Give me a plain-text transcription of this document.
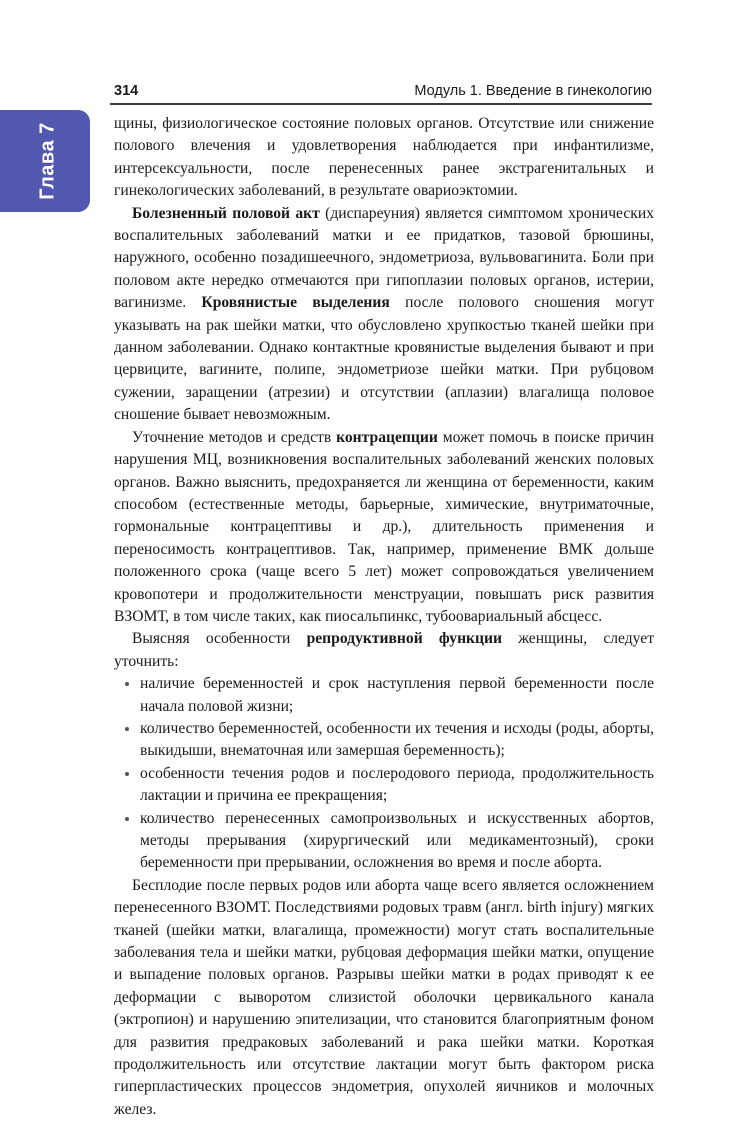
314	Модуль 1. Введение в гинекологию
Глава 7	щины, физиологическое состояние половых органов. Отсутствие или снижение полового влечения и удовлетворения наблюдается при инфантилизме, интерсексуальности, после перенесенных ранее экстрагенитальных и гинекологических заболеваний, в результате овариоэктомии.

Болезненный половой акт (диспареуния) является симптомом хронических воспалительных заболеваний матки и ее придатков, тазовой брюшины, наружного, особенно позадишеечного, эндометриоза, вульвовагинита. Боли при половом акте нередко отмечаются при гипоплазии половых органов, истерии, вагинизме. Кровянистые выделения после полового сношения могут указывать на рак шейки матки, что обусловлено хрупкостью тканей шейки при данном заболевании. Однако контактные кровянистые выделения бывают и при цервиците, вагините, полипе, эндометриозе шейки матки. При рубцовом сужении, заращении (атрезии) и отсутствии (аплазии) влагалища половое сношение бывает невозможным.

Уточнение методов и средств контрацепции может помочь в поиске причин нарушения МЦ, возникновения воспалительных заболеваний женских половых органов. Важно выяснить, предохраняется ли женщина от беременности, каким способом (естественные методы, барьерные, химические, внутриматочные, гормональные контрацептивы и др.), длительность применения и переносимость контрацептивов. Так, например, применение ВМК дольше положенного срока (чаще всего 5 лет) может сопровождаться увеличением кровопотери и продолжительности менструации, повышать риск развития ВЗОМТ, в том числе таких, как пиосальпинкс, тубоовариальный абсцесс.

Выясняя особенности репродуктивной функции женщины, следует уточнить:

наличие беременностей и срок наступления первой беременности после начала половой жизни;
количество беременностей, особенности их течения и исходы (роды, аборты, выкидыши, внематочная или замершая беременность);
особенности течения родов и послеродового периода, продолжительность лактации и причина ее прекращения;
количество перенесенных самопроизвольных и искусственных абортов, методы прерывания (хирургический или медикаментозный), сроки беременности при прерывании, осложнения во время и после аборта.

Бесплодие после первых родов или аборта чаще всего является осложнением перенесенного ВЗОМТ. Последствиями родовых травм (англ. birth injury) мягких тканей (шейки матки, влагалища, промежности) могут стать воспалительные заболевания тела и шейки матки, рубцовая деформация шейки матки, опущение и выпадение половых органов. Разрывы шейки матки в родах приводят к ее деформации с выворотом слизистой оболочки цервикального канала (эктропион) и нарушению эпителизации, что становится благоприятным фоном для развития предраковых заболеваний и рака шейки матки. Короткая продолжительность или отсутствие лактации могут быть фактором риска гиперпластических процессов эндометрия, опухолей яичников и молочных желез.
